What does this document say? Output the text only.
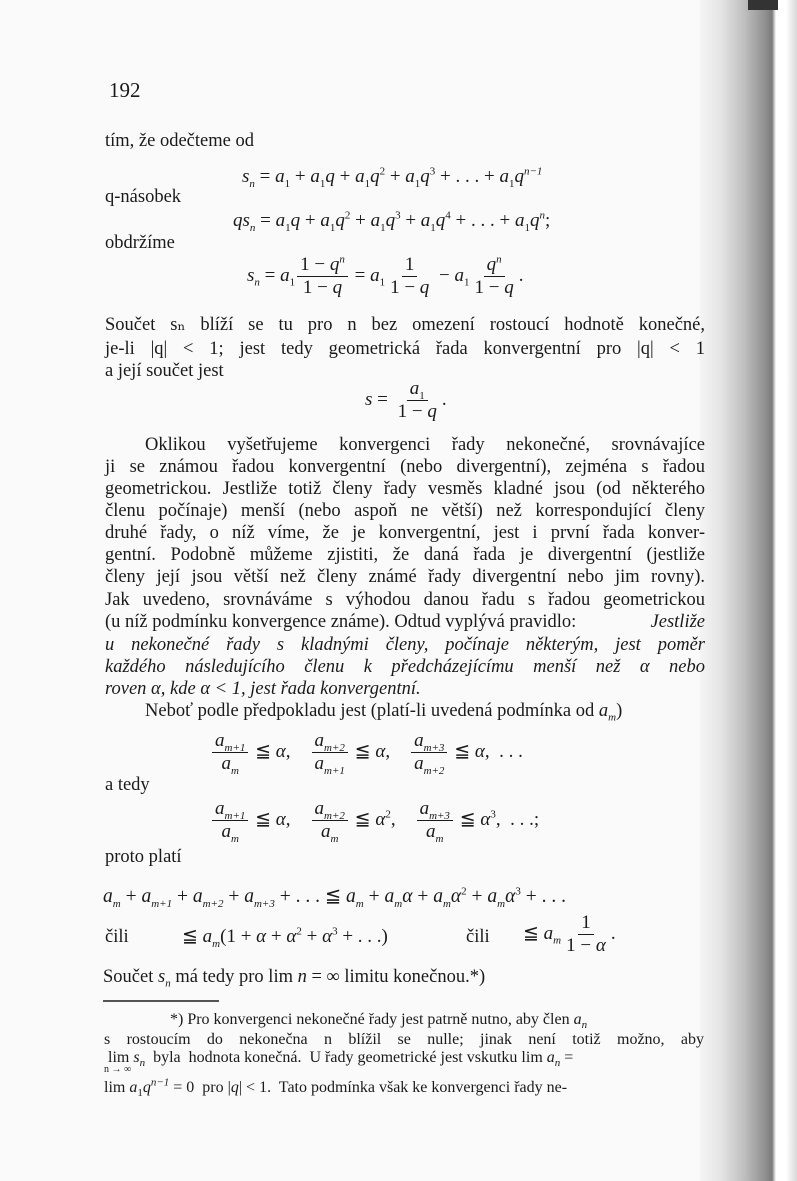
192
tím, že odečteme od
$s_n = a_1 + a_1q + a_1q^2 + a_1q^3$ + . . . + $a_1q^{n-1}$
q-násobek
$qs_n = a_1q + a_1q^2 + a_1q^3 + a_1q^4$ + . . . + $a_1q^n$;
obdržíme
$s_n = a_1 \frac{1 - q^n}{1 - q} = a_1 \frac{1}{1 - q} - a_1 \frac{q^n}{1 - q}$ .
Součet sₙ blíží se tu pro n bez omezení rostoucí hodnotě konečné,
je-li |q| < 1; jest tedy geometrická řada konvergentní pro |q| < 1
a její součet jest
$s = \frac{a_1}{1 - q}$ .
Oklikou vyšetřujeme konvergenci řady nekonečné, srovnávajíce
ji se známou řadou konvergentní (nebo divergentní), zejména s řadou
geometrickou. Jestliže totiž členy řady vesměs kladné jsou (od některého
členu počínaje) menší (nebo aspoň ne větší) než korrespondující členy
druhé řady, o níž víme, že je konvergentní, jest i první řada konver-
gentní. Podobně můžeme zjistiti, že daná řada je divergentní (jestliže
členy její jsou větší než členy známé řady divergentní nebo jim rovny).
Jak uvedeno, srovnáváme s výhodou danou řadu s řadou geometrickou
(u níž podmínku konvergence známe). Odtud vyplývá pravidlo:	Jestliže
u nekonečné řady s kladnými členy, počínaje některým, jest poměr
každého následujícího členu k předcházejícímu menší než α nebo
roven α, kde α < 1, jest řada konvergentní.
Neboť podle předpokladu jest (platí-li uvedená podmínka od $a_m$)
$\frac{a_{m+1}}{a_m}$ ≦ α, $\frac{a_{m+2}}{a_{m+1}}$ ≦ α, $\frac{a_{m+3}}{a_{m+2}}$ ≦ α,  . . .
a tedy
$\frac{a_{m+1}}{a_m}$ ≦ α, $\frac{a_{m+2}}{a_m}$ ≦ $\alpha^2$, $\frac{a_{m+3}}{a_m}$ ≦ $\alpha^3$,  . . .;
proto platí
$a_m + a_{m+1} + a_{m+2} + a_{m+3}$ + . . . ≦ $a_m + a_m\alpha + a_m\alpha^2 + a_m\alpha^3$ + . . .
čili	≦ $a_m(1 + \alpha + \alpha^2 + \alpha^3$ + . . .)	čili ≦ $a_m \frac{1}{1 - \alpha}$ .
Součet $s_n$ má tedy pro lim n = ∞ limitu konečnou.*)
*) Pro konvergenci nekonečné řady jest patrně nutno, aby člen $a_n$
s rostoucím do nekonečna n blížil se nulle; jinak není totiž možno, aby
$\lim s_n$  byla  hodnota konečná.  U řady geometrické jest vskutku $\lim a_n$ =
n → ∞
$\lim a_1q^{n-1} = 0$  pro |q| < 1.  Tato podmínka však ke konvergenci řady ne-
